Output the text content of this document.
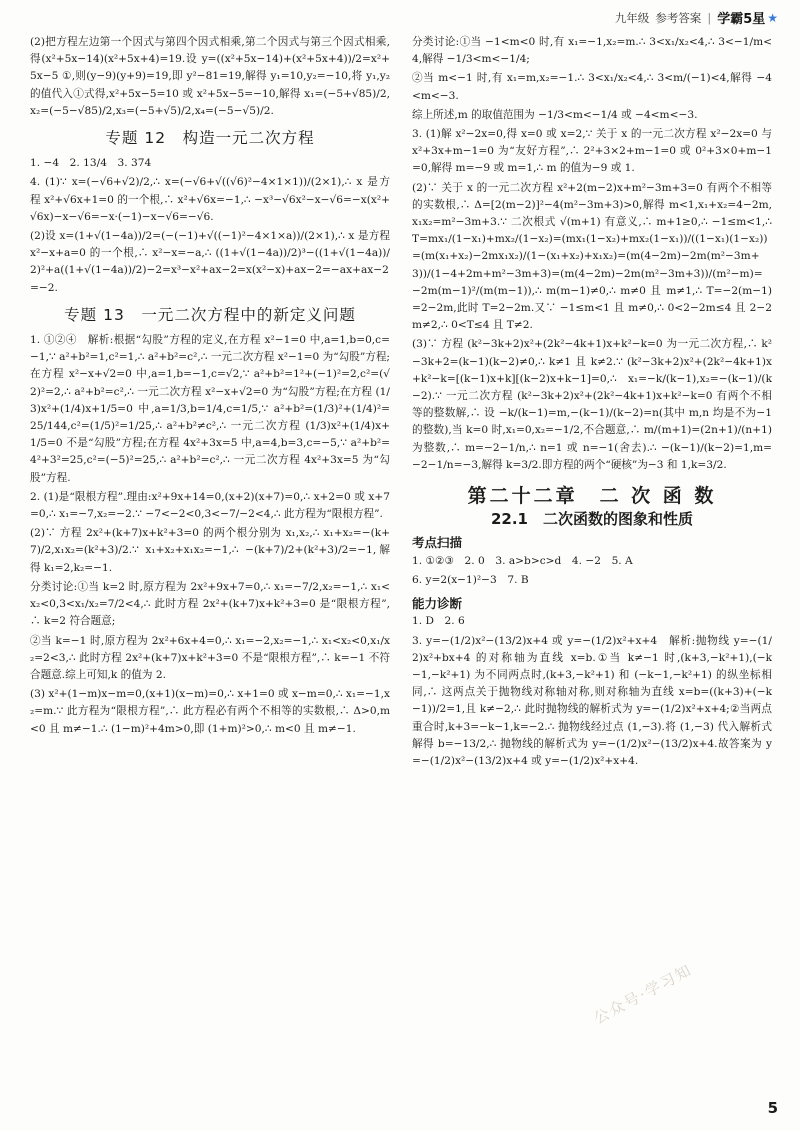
九年级 参考答案 | 学霸5星 ★

(2)把方程左边第一个因式与第四个因式相乘,第二个因式与第三个因式相乘,得(x²+5x−14)(x²+5x+4)=19.设 y=((x²+5x−14)+(x²+5x+4))/2=x²+5x−5 ①,则(y−9)(y+9)=19,即 y²−81=19,解得 y₁=10,y₂=−10,将 y₁,y₂ 的值代入①式得,x²+5x−5=10 或 x²+5x−5=−10,解得 x₁=(−5+√85)/2,x₂=(−5−√85)/2,x₃=(−5+√5)/2,x₄=(−5−√5)/2.

专题 12　构造一元二次方程

1. −4　2. 13/4　3. 374

4. (1)∵ x=(−√6+√2)/2,∴ x=(−√6+√((√6)²−4×1×1))/(2×1),∴ x 是方程 x²+√6x+1=0 的一个根,∴ x²+√6x=−1,∴ −x³−√6x²−x−√6=−x(x²+√6x)−x−√6=−x·(−1)−x−√6=−√6.

(2)设 x=(1+√(1−4a))/2=(−(−1)+√((−1)²−4×1×a))/(2×1),∴ x 是方程 x²−x+a=0 的一个根,∴ x²−x=−a,∴ ((1+√(1−4a))/2)³−((1+√(1−4a))/2)²+a((1+√(1−4a))/2)−2=x³−x²+ax−2=x(x²−x)+ax−2=−ax+ax−2=−2.

专题 13　一元二次方程中的新定义问题

1. ①②④　解析:根据“勾股”方程的定义,在方程 x²−1=0 中,a=1,b=0,c=−1,∵ a²+b²=1,c²=1,∴ a²+b²=c²,∴ 一元二次方程 x²−1=0 为“勾股”方程;在方程 x²−x+√2=0 中,a=1,b=−1,c=√2,∵ a²+b²=1²+(−1)²=2,c²=(√2)²=2,∴ a²+b²=c²,∴ 一元二次方程 x²−x+√2=0 为“勾股”方程;在方程 (1/3)x²+(1/4)x+1/5=0 中,a=1/3,b=1/4,c=1/5,∵ a²+b²=(1/3)²+(1/4)²=25/144,c²=(1/5)²=1/25,∴ a²+b²≠c²,∴ 一元二次方程 (1/3)x²+(1/4)x+1/5=0 不是“勾股”方程;在方程 4x²+3x=5 中,a=4,b=3,c=−5,∵ a²+b²=4²+3²=25,c²=(−5)²=25,∴ a²+b²=c²,∴ 一元二次方程 4x²+3x=5 为“勾股”方程.

2. (1)是“限根方程”.理由:x²+9x+14=0,(x+2)(x+7)=0,∴ x+2=0 或 x+7=0,∴ x₁=−7,x₂=−2.∵ −7<−2<0,3<−7/−2<4,∴ 此方程为“限根方程”.

(2)∵ 方程 2x²+(k+7)x+k²+3=0 的两个根分别为 x₁,x₂,∴ x₁+x₂=−(k+7)/2,x₁x₂=(k²+3)/2.∵ x₁+x₂+x₁x₂=−1,∴ −(k+7)/2+(k²+3)/2=−1,解得 k₁=2,k₂=−1.

分类讨论:①当 k=2 时,原方程为 2x²+9x+7=0,∴ x₁=−7/2,x₂=−1,∴ x₁<x₂<0,3<x₁/x₂=7/2<4,∴ 此时方程 2x²+(k+7)x+k²+3=0 是“限根方程”,∴ k=2 符合题意;

②当 k=−1 时,原方程为 2x²+6x+4=0,∴ x₁=−2,x₂=−1,∴ x₁<x₂<0,x₁/x₂=2<3,∴ 此时方程 2x²+(k+7)x+k²+3=0 不是“限根方程”,∴ k=−1 不符合题意.综上可知,k 的值为 2.

(3) x²+(1−m)x−m=0,(x+1)(x−m)=0,∴ x+1=0 或 x−m=0,∴ x₁=−1,x₂=m.∵ 此方程为“限根方程”,∴ 此方程必有两个不相等的实数根,∴ Δ>0,m<0 且 m≠−1.∴ (1−m)²+4m>0,即 (1+m)²>0,∴ m<0 且 m≠−1.

分类讨论:①当 −1<m<0 时,有 x₁=−1,x₂=m.∴ 3<x₁/x₂<4,∴ 3<−1/m<4,解得 −1/3<m<−1/4;

②当 m<−1 时,有 x₁=m,x₂=−1.∴ 3<x₁/x₂<4,∴ 3<m/(−1)<4,解得 −4<m<−3.

综上所述,m 的取值范围为 −1/3<m<−1/4 或 −4<m<−3.

3. (1)解 x²−2x=0,得 x=0 或 x=2,∵ 关于 x 的一元二次方程 x²−2x=0 与 x²+3x+m−1=0 为“友好方程”,∴ 2²+3×2+m−1=0 或 0²+3×0+m−1=0,解得 m=−9 或 m=1,∴ m 的值为−9 或 1.

(2)∵ 关于 x 的一元二次方程 x²+2(m−2)x+m²−3m+3=0 有两个不相等的实数根,∴ Δ=[2(m−2)]²−4(m²−3m+3)>0,解得 m<1,x₁+x₂=4−2m,x₁x₂=m²−3m+3.∵ 二次根式 √(m+1) 有意义,∴ m+1≥0,∴ −1≤m<1,∴ T=mx₁/(1−x₁)+mx₂/(1−x₂)=(mx₁(1−x₂)+mx₂(1−x₁))/((1−x₁)(1−x₂))=(m(x₁+x₂)−2mx₁x₂)/(1−(x₁+x₂)+x₁x₂)=(m(4−2m)−2m(m²−3m+3))/(1−4+2m+m²−3m+3)=(m(4−2m)−2m(m²−3m+3))/(m²−m)=−2m(m−1)²/(m(m−1)),∴ m(m−1)≠0,∴ m≠0 且 m≠1,∴ T=−2(m−1)=2−2m,此时 T=2−2m.又∵ −1≤m<1 且 m≠0,∴ 0<2−2m≤4 且 2−2m≠2,∴ 0<T≤4 且 T≠2.

(3)∵ 方程 (k²−3k+2)x²+(2k²−4k+1)x+k²−k=0 为一元二次方程,∴ k²−3k+2=(k−1)(k−2)≠0,∴ k≠1 且 k≠2.∵ (k²−3k+2)x²+(2k²−4k+1)x+k²−k=[(k−1)x+k][(k−2)x+k−1]=0,∴ x₁=−k/(k−1),x₂=−(k−1)/(k−2).∵ 一元二次方程 (k²−3k+2)x²+(2k²−4k+1)x+k²−k=0 有两个不相等的整数解,∴ 设 −k/(k−1)=m,−(k−1)/(k−2)=n(其中 m,n 均是不为−1 的整数),当 k=0 时,x₁=0,x₂=−1/2,不合题意,∴ m/(m+1)=(2n+1)/(n+1) 为整数,∴ m=−2−1/n,∴ n=1 或 n=−1(舍去).∴ −(k−1)/(k−2)=1,m=−2−1/n=−3,解得 k=3/2.即方程的两个“硬核”为−3 和 1,k=3/2.

第二十二章　二 次 函 数
22.1　二次函数的图象和性质
考点扫描

1. ①②③　2. 0　3. a>b>c>d　4. −2　5. A

6. y=2(x−1)²−3　7. B

能力诊断

1. D　2. 6

3. y=−(1/2)x²−(13/2)x+4 或 y=−(1/2)x²+x+4　解析:抛物线 y=−(1/2)x²+bx+4 的对称轴为直线 x=b.①当 k≠−1 时,(k+3,−k²+1),(−k−1,−k²+1) 为不同两点时,(k+3,−k²+1) 和 (−k−1,−k²+1) 的纵坐标相同,∴ 这两点关于抛物线对称轴对称,则对称轴为直线 x=b=((k+3)+(−k−1))/2=1,且 k≠−2,∴ 此时抛物线的解析式为 y=−(1/2)x²+x+4;②当两点重合时,k+3=−k−1,k=−2.∴ 抛物线经过点 (1,−3).将 (1,−3) 代入解析式解得 b=−13/2,∴ 抛物线的解析式为 y=−(1/2)x²−(13/2)x+4.故答案为 y=−(1/2)x²−(13/2)x+4 或 y=−(1/2)x²+x+4.

公众号·学习知
5
